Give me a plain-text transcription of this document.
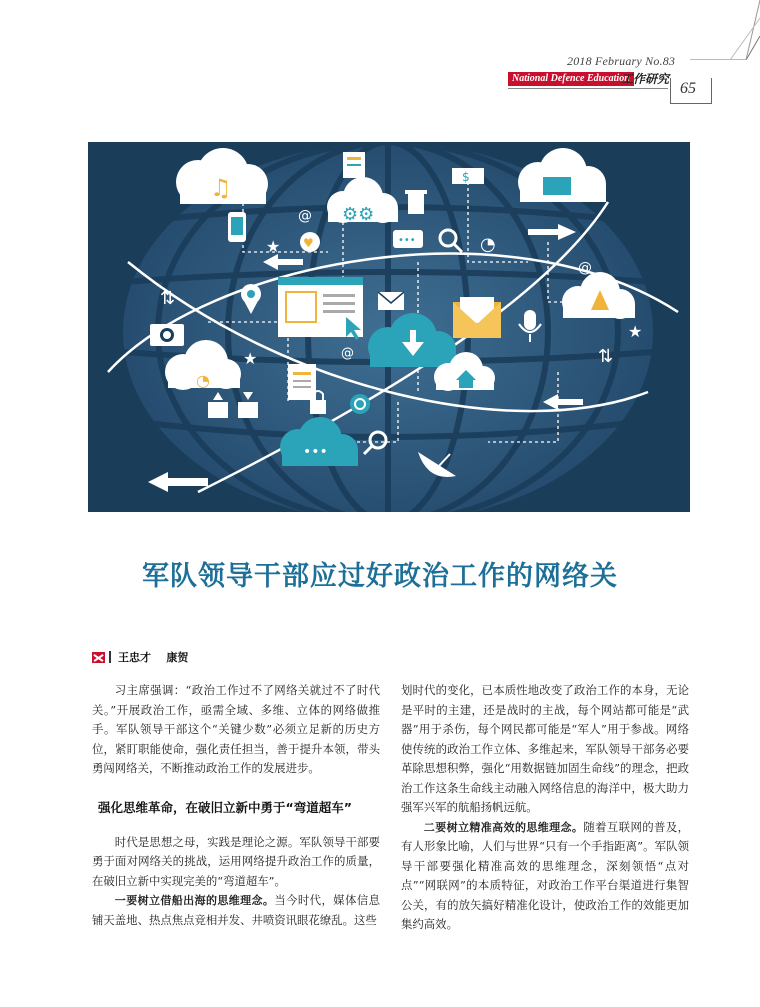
2018 February No.83
National Defence Education
工作研究
65
♫
⚙⚙
$
@
@
@
★
★
★
♥	•••	◔
⇅
⇅
◔
•••
军队领导干部应过好政治工作的网络关
王忠才    康贺

习主席强调：“政治工作过不了网络关就过不了时代关。”开展政治工作，亟需全域、多维、立体的网络做推手。军队领导干部这个“关键少数”必须立足新的历史方位，紧盯职能使命，强化责任担当，善于提升本领，带头勇闯网络关，不断推动政治工作的发展进步。

强化思维革命，在破旧立新中勇于“弯道超车”

时代是思想之母，实践是理论之源。军队领导干部要勇于面对网络关的挑战，运用网络提升政治工作的质量，在破旧立新中实现完美的“弯道超车”。

一要树立借船出海的思维理念。当今时代，媒体信息铺天盖地、热点焦点竞相并发、井喷资讯眼花缭乱。这些

划时代的变化，已本质性地改变了政治工作的本身，无论是平时的主建，还是战时的主战，每个网站都可能是“武器”用于杀伤，每个网民都可能是“军人”用于参战。网络使传统的政治工作立体、多维起来，军队领导干部务必要革除思想积弊，强化“用数据链加固生命线”的理念，把政治工作这条生命线主动融入网络信息的海洋中，极大助力强军兴军的航船扬帆远航。

二要树立精准高效的思维理念。随着互联网的普及，有人形象比喻，人们与世界“只有一个手指距离”。军队领导干部要强化精准高效的思维理念，深刻领悟“点对点”“网联网”的本质特征，对政治工作平台渠道进行集智公关，有的放矢搞好精准化设计，使政治工作的效能更加集约高效。
